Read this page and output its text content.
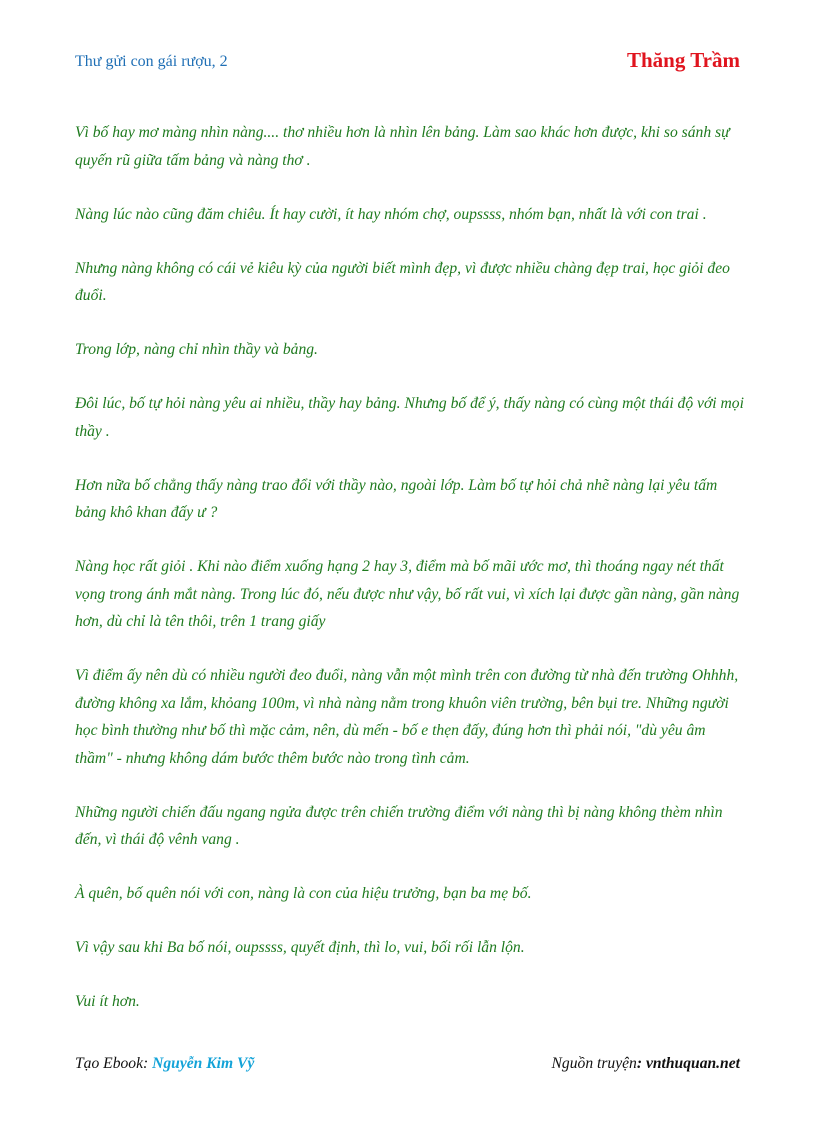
Thư gửi con gái rượu, 2	Thăng Trầm

Vì bố hay mơ màng nhìn nàng.... thơ nhiều hơn là nhìn lên bảng. Làm sao khác hơn được, khi so sánh sự quyến rũ giữa tấm bảng và nàng thơ .

Nàng lúc nào cũng đăm chiêu. Ít hay cười, ít hay nhóm chợ, oupssss, nhóm bạn, nhất là với con trai .

Nhưng nàng không có cái vẻ kiêu kỳ của người biết mình đẹp, vì được nhiều chàng đẹp trai, học giỏi đeo đuổi.

Trong lớp, nàng chỉ nhìn thầy và bảng.

Đôi lúc, bố tự hỏi nàng yêu ai nhiều, thầy hay bảng. Nhưng bố để ý, thấy nàng có cùng một thái độ với mọi thầy .

Hơn nữa bố chẳng thấy nàng trao đổi với thầy nào, ngoài lớp. Làm bố tự hỏi chả nhẽ nàng lại yêu tấm bảng khô khan đấy ư ?

Nàng học rất giỏi . Khi nào điểm xuống hạng 2 hay 3, điểm mà bố mãi ước mơ, thì thoáng ngay nét thất vọng trong ánh mắt nàng. Trong lúc đó, nếu được như vậy, bố rất vui, vì xích lại được gần nàng, gần nàng hơn, dù chỉ là tên thôi, trên 1 trang giấy

Vì điểm ấy nên dù có nhiều người đeo đuổi, nàng vẫn một mình trên con đường từ nhà đến trường Ohhhh, đường không xa lắm, khỏang 100m, vì nhà nàng nằm trong khuôn viên trường, bên bụi tre. Những người học bình thường như bố thì mặc cảm, nên, dù mến - bố e thẹn đấy, đúng hơn thì phải nói, "dù yêu âm thầm" - nhưng không dám bước thêm bước nào trong tình cảm.

Những người chiến đấu ngang ngửa được trên chiến trường điểm với nàng thì bị nàng không thèm nhìn đến, vì thái độ vênh vang .

À quên, bố quên nói với con, nàng là con của hiệu trưởng, bạn ba mẹ bố.

Vì vậy sau khi Ba bố nói, oupssss, quyết định, thì lo, vui, bối rối lẫn lộn.

Vui ít hơn.

Tạo Ebook: Nguyễn Kim Vỹ	Nguồn truyện: vnthuquan.net
